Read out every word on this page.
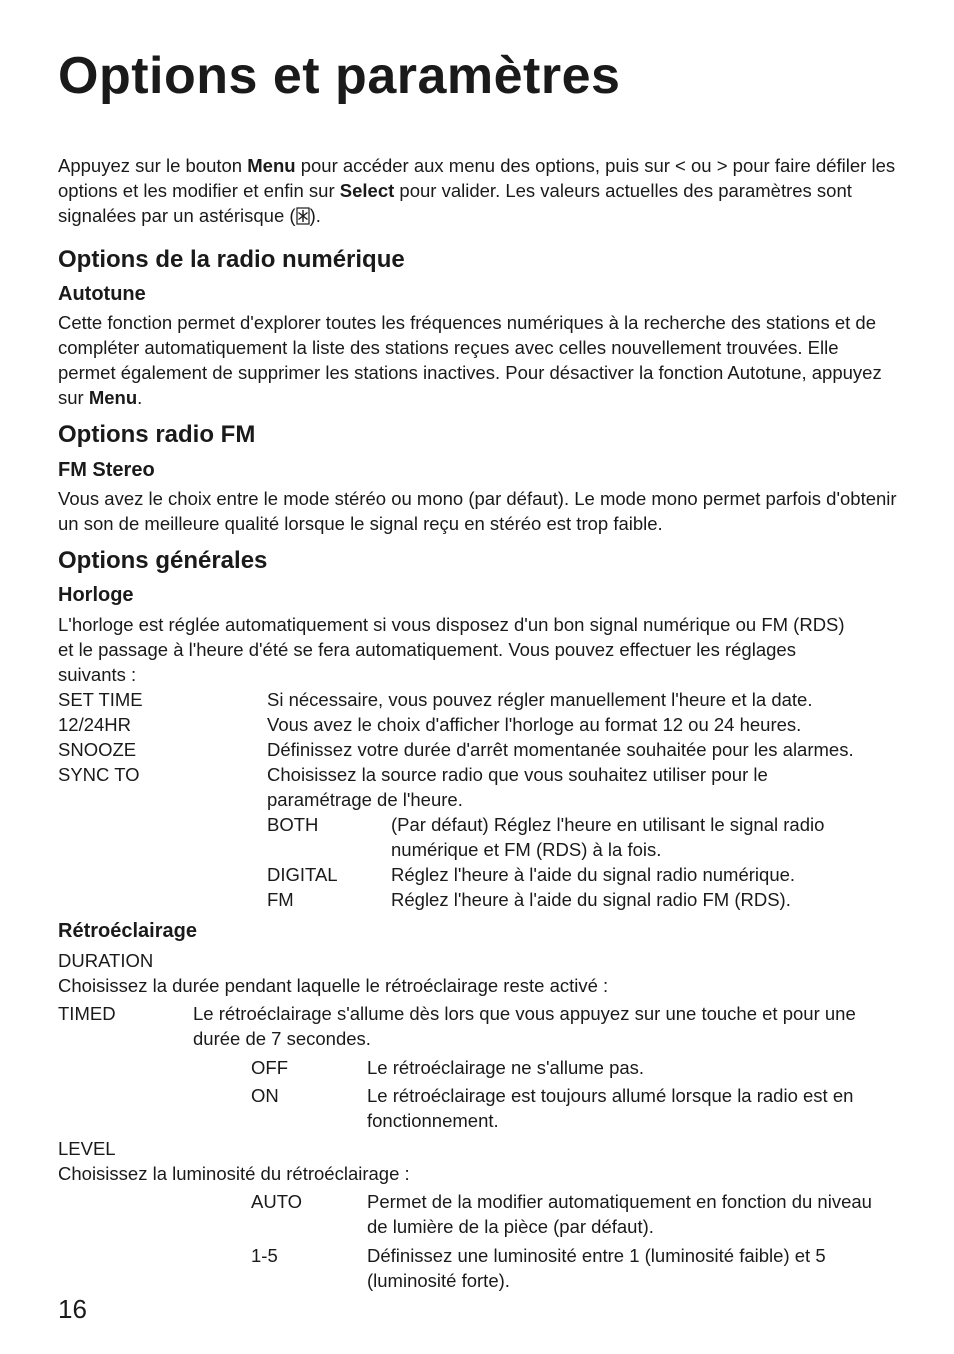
Options et paramètres

Appuyez sur le bouton Menu pour accéder aux menu des options, puis sur < ou > pour faire défiler les options et les modifier et enfin sur Select pour valider. Les valeurs actuelles des paramètres sont signalées par un astérisque ( ).

Options de la radio numérique
Autotune

Cette fonction permet d'explorer toutes les fréquences numériques à la recherche des stations et de compléter automatiquement la liste des stations reçues avec celles nouvellement trouvées. Elle permet également de supprimer les stations inactives. Pour désactiver la fonction Autotune, appuyez sur Menu.

Options radio FM
FM Stereo

Vous avez le choix entre le mode stéréo ou mono (par défaut). Le mode mono permet parfois d'obtenir un son de meilleure qualité lorsque le signal reçu en stéréo est trop faible.

Options générales
Horloge

L'horloge est réglée automatiquement si vous disposez d'un bon signal numérique ou FM (RDS) et le passage à l'heure d'été se fera automatiquement. Vous pouvez effectuer les réglages suivants :

SET TIME	Si nécessaire, vous pouvez régler manuellement l'heure et la date.
12/24HR	Vous avez le choix d'afficher l'horloge au format 12 ou 24 heures.
SNOOZE	Définissez votre durée d'arrêt momentanée souhaitée pour les alarmes.
SYNC TO	Choisissez la source radio que vous souhaitez utiliser pour le paramétrage de l'heure.
BOTH	(Par défaut) Réglez l'heure en utilisant le signal radio numérique et FM (RDS) à la fois.
DIGITAL	Réglez l'heure à l'aide du signal radio numérique.
FM	Réglez l'heure à l'aide du signal radio FM (RDS).
Rétroéclairage
DURATION
Choisissez la durée pendant laquelle le rétroéclairage reste activé :
TIMED	Le rétroéclairage s'allume dès lors que vous appuyez sur une touche et pour une durée de 7 secondes.
OFF	Le rétroéclairage ne s'allume pas.
ON	Le rétroéclairage est toujours allumé lorsque la radio est en fonctionnement.
LEVEL
Choisissez la luminosité du rétroéclairage :
AUTO	Permet de la modifier automatiquement en fonction du niveau de lumière de la pièce (par défaut).
1-5	Définissez une luminosité entre 1 (luminosité faible) et 5 (luminosité forte).
16
